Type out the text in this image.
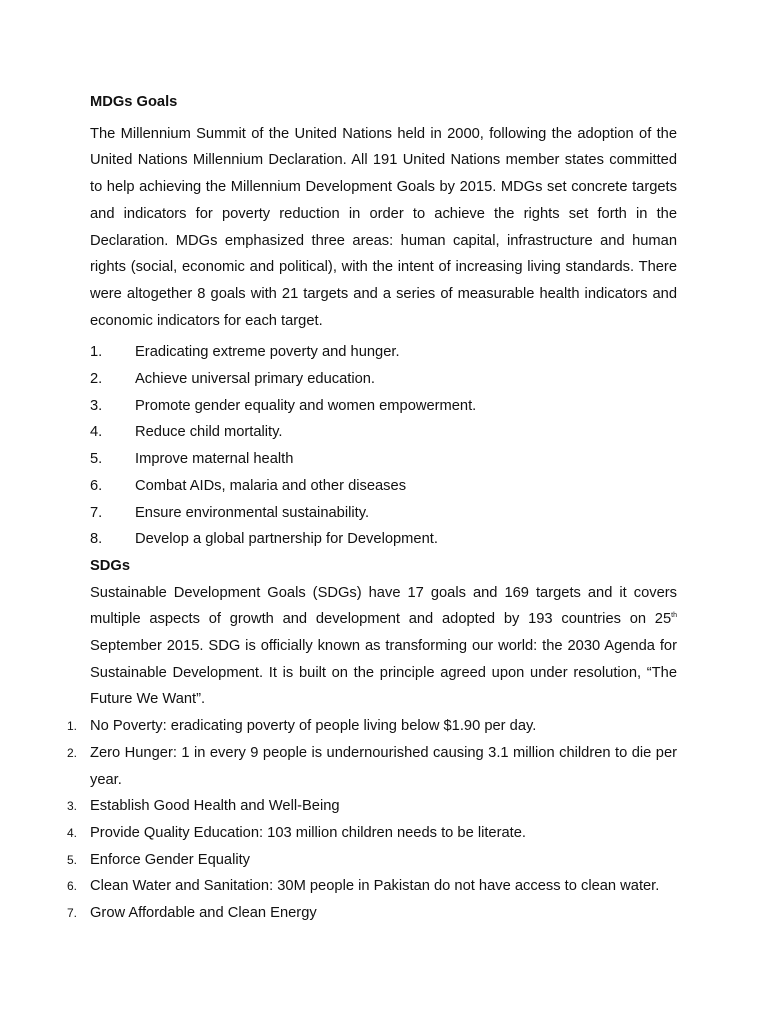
MDGs Goals

The Millennium Summit of the United Nations held in 2000, following the adoption of the United Nations Millennium Declaration. All 191 United Nations member states committed to help achieving the Millennium Development Goals by 2015. MDGs set concrete targets and indicators for poverty reduction in order to achieve the rights set forth in the Declaration. MDGs emphasized three areas: human capital, infrastructure and human rights (social, economic and political), with the intent of increasing living standards. There were altogether 8 goals with 21 targets and a series of measurable health indicators and economic indicators for each target.

1.	Eradicating extreme poverty and hunger.
2.	Achieve universal primary education.
3.	Promote gender equality and women empowerment.
4.	Reduce child mortality.
5.	Improve maternal health
6.	Combat AIDs, malaria and other diseases
7.	Ensure environmental sustainability.
8.	Develop a global partnership for Development.

SDGs

Sustainable Development Goals (SDGs) have 17 goals and 169 targets and it covers multiple aspects of growth and development and adopted by 193 countries on 25th September 2015. SDG is officially known as transforming our world: the 2030 Agenda for Sustainable Development. It is built on the principle agreed upon under resolution, “The Future We Want”.

1. No Poverty: eradicating poverty of people living below $1.90 per day.
2. Zero Hunger: 1 in every 9 people is undernourished causing 3.1 million children to die per year.
3. Establish Good Health and Well-Being
4. Provide Quality Education: 103 million children needs to be literate.
5. Enforce Gender Equality
6. Clean Water and Sanitation: 30M people in Pakistan do not have access to clean water.
7. Grow Affordable and Clean Energy
